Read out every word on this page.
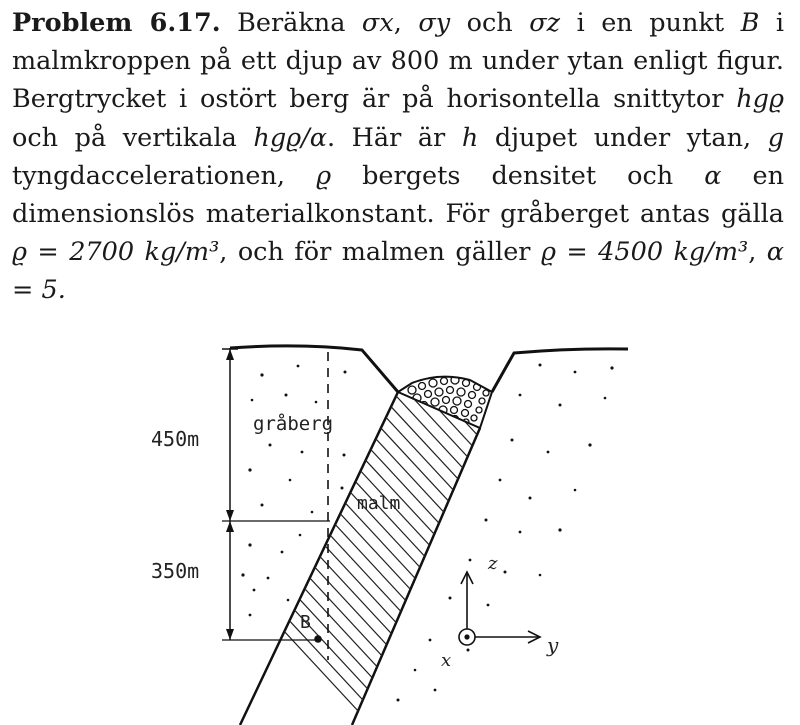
Problem 6.17. Beräkna σx, σy och σz i en punkt B i malmkroppen på ett djup av 800 m under ytan enligt figur. Bergtrycket i ostört berg är på horisontella snittytor hgϱ och på vertikala hgϱ/α. Här är h djupet under ytan, g tyngdaccelerationen, ϱ bergets densitet och α en dimensionslös materialkonstant. För gråberget antas gälla ϱ = 2700 kg/m³, och för malmen gäller ϱ = 4500 kg/m³, α = 5.

450m
350m
gråberg
malm
B
z
y
x
